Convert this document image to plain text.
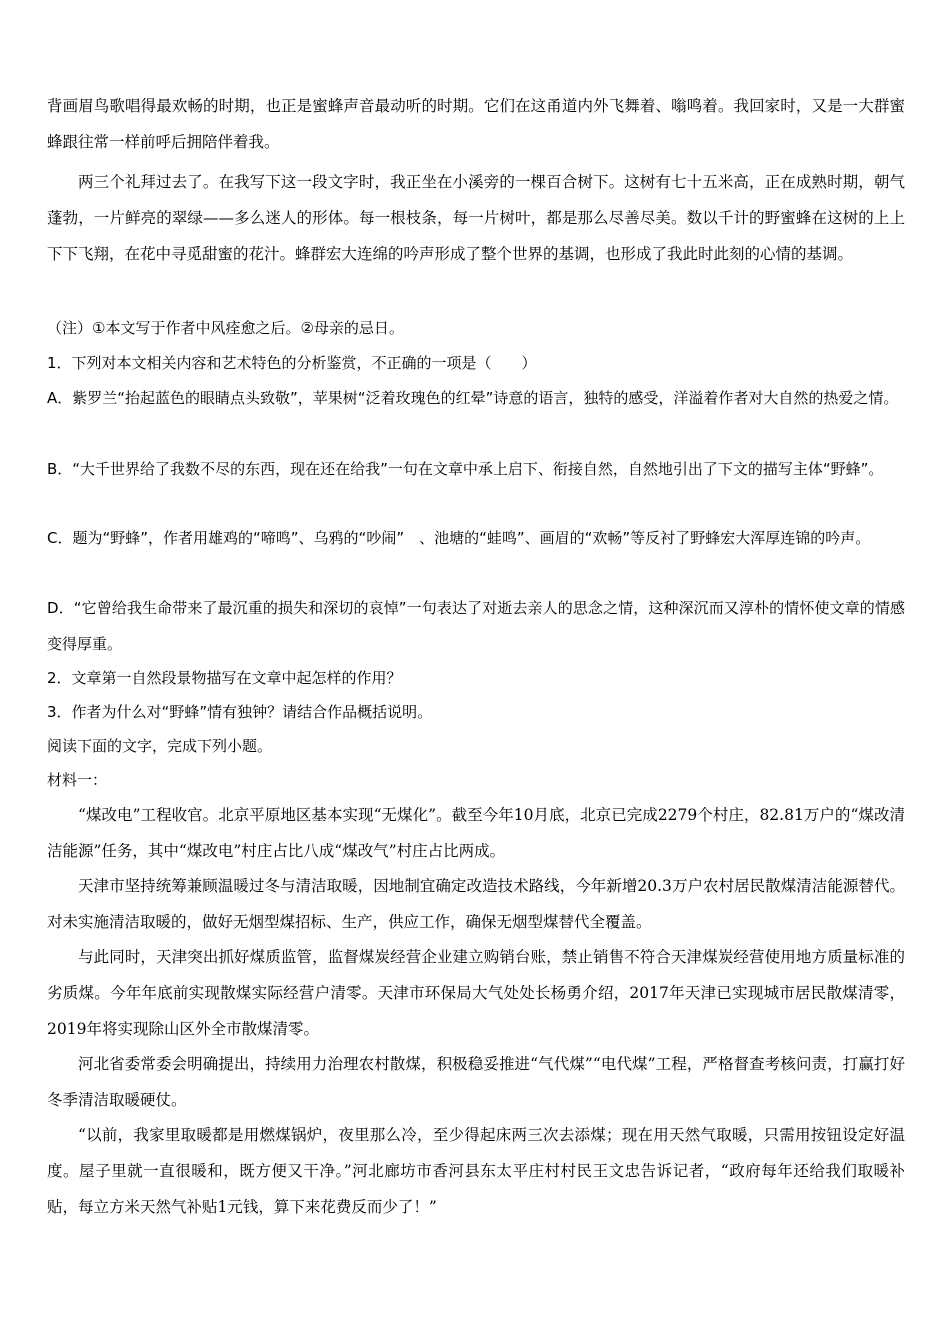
背画眉鸟歌唱得最欢畅的时期，也正是蜜蜂声音最动听的时期。它们在这甬道内外飞舞着、嗡鸣着。我回家时，又是一大群蜜蜂跟往常一样前呼后拥陪伴着我。

两三个礼拜过去了。在我写下这一段文字时，我正坐在小溪旁的一棵百合树下。这树有七十五米高，正在成熟时期，朝气蓬勃，一片鲜亮的翠绿——多么迷人的形体。每一根枝条，每一片树叶，都是那么尽善尽美。数以千计的野蜜蜂在这树的上上下下飞翔，在花中寻觅甜蜜的花汁。蜂群宏大连绵的吟声形成了整个世界的基调，也形成了我此时此刻的心情的基调。

（注）①本文写于作者中风痊愈之后。②母亲的忌日。

1．下列对本文相关内容和艺术特色的分析鉴赏，不正确的一项是（　　）

A．紫罗兰“抬起蓝色的眼睛点头致敬”，苹果树“泛着玫瑰色的红晕”诗意的语言，独特的感受，洋溢着作者对大自然的热爱之情。

B．“大千世界给了我数不尽的东西，现在还在给我”一句在文章中承上启下、衔接自然，自然地引出了下文的描写主体“野蜂”。

C．题为“野蜂”，作者用雄鸡的“啼鸣”、乌鸦的“吵闹”　、池塘的“蛙鸣”、画眉的“欢畅”等反衬了野蜂宏大浑厚连锦的吟声。

D．“它曾给我生命带来了最沉重的损失和深切的哀悼”一句表达了对逝去亲人的思念之情，这种深沉而又淳朴的情怀使文章的情感变得厚重。

2．文章第一自然段景物描写在文章中起怎样的作用？

3．作者为什么对“野蜂”情有独钟？请结合作品概括说明。

阅读下面的文字，完成下列小题。

材料一：

“煤改电”工程收官。北京平原地区基本实现“无煤化”。截至今年10月底，北京已完成2279个村庄，82.81万户的“煤改清洁能源”任务，其中“煤改电”村庄占比八成“煤改气”村庄占比两成。

天津市坚持统筹兼顾温暖过冬与清洁取暖，因地制宜确定改造技术路线，今年新增20.3万户农村居民散煤清洁能源替代。对未实施清洁取暖的，做好无烟型煤招标、生产，供应工作，确保无烟型煤替代全覆盖。

与此同时，天津突出抓好煤质监管，监督煤炭经营企业建立购销台账，禁止销售不符合天津煤炭经营使用地方质量标准的劣质煤。今年年底前实现散煤实际经营户清零。天津市环保局大气处处长杨勇介绍，2017年天津已实现城市居民散煤清零，2019年将实现除山区外全市散煤清零。

河北省委常委会明确提出，持续用力治理农村散煤，积极稳妥推进“气代煤”“电代煤”工程，严格督查考核问责，打赢打好冬季清洁取暖硬仗。

“以前，我家里取暖都是用燃煤锅炉，夜里那么冷，至少得起床两三次去添煤；现在用天然气取暖，只需用按钮设定好温度。屋子里就一直很暖和，既方便又干净。”河北廊坊市香河县东太平庄村村民王文忠告诉记者，“政府每年还给我们取暖补贴，每立方米天然气补贴1元钱，算下来花费反而少了！”
